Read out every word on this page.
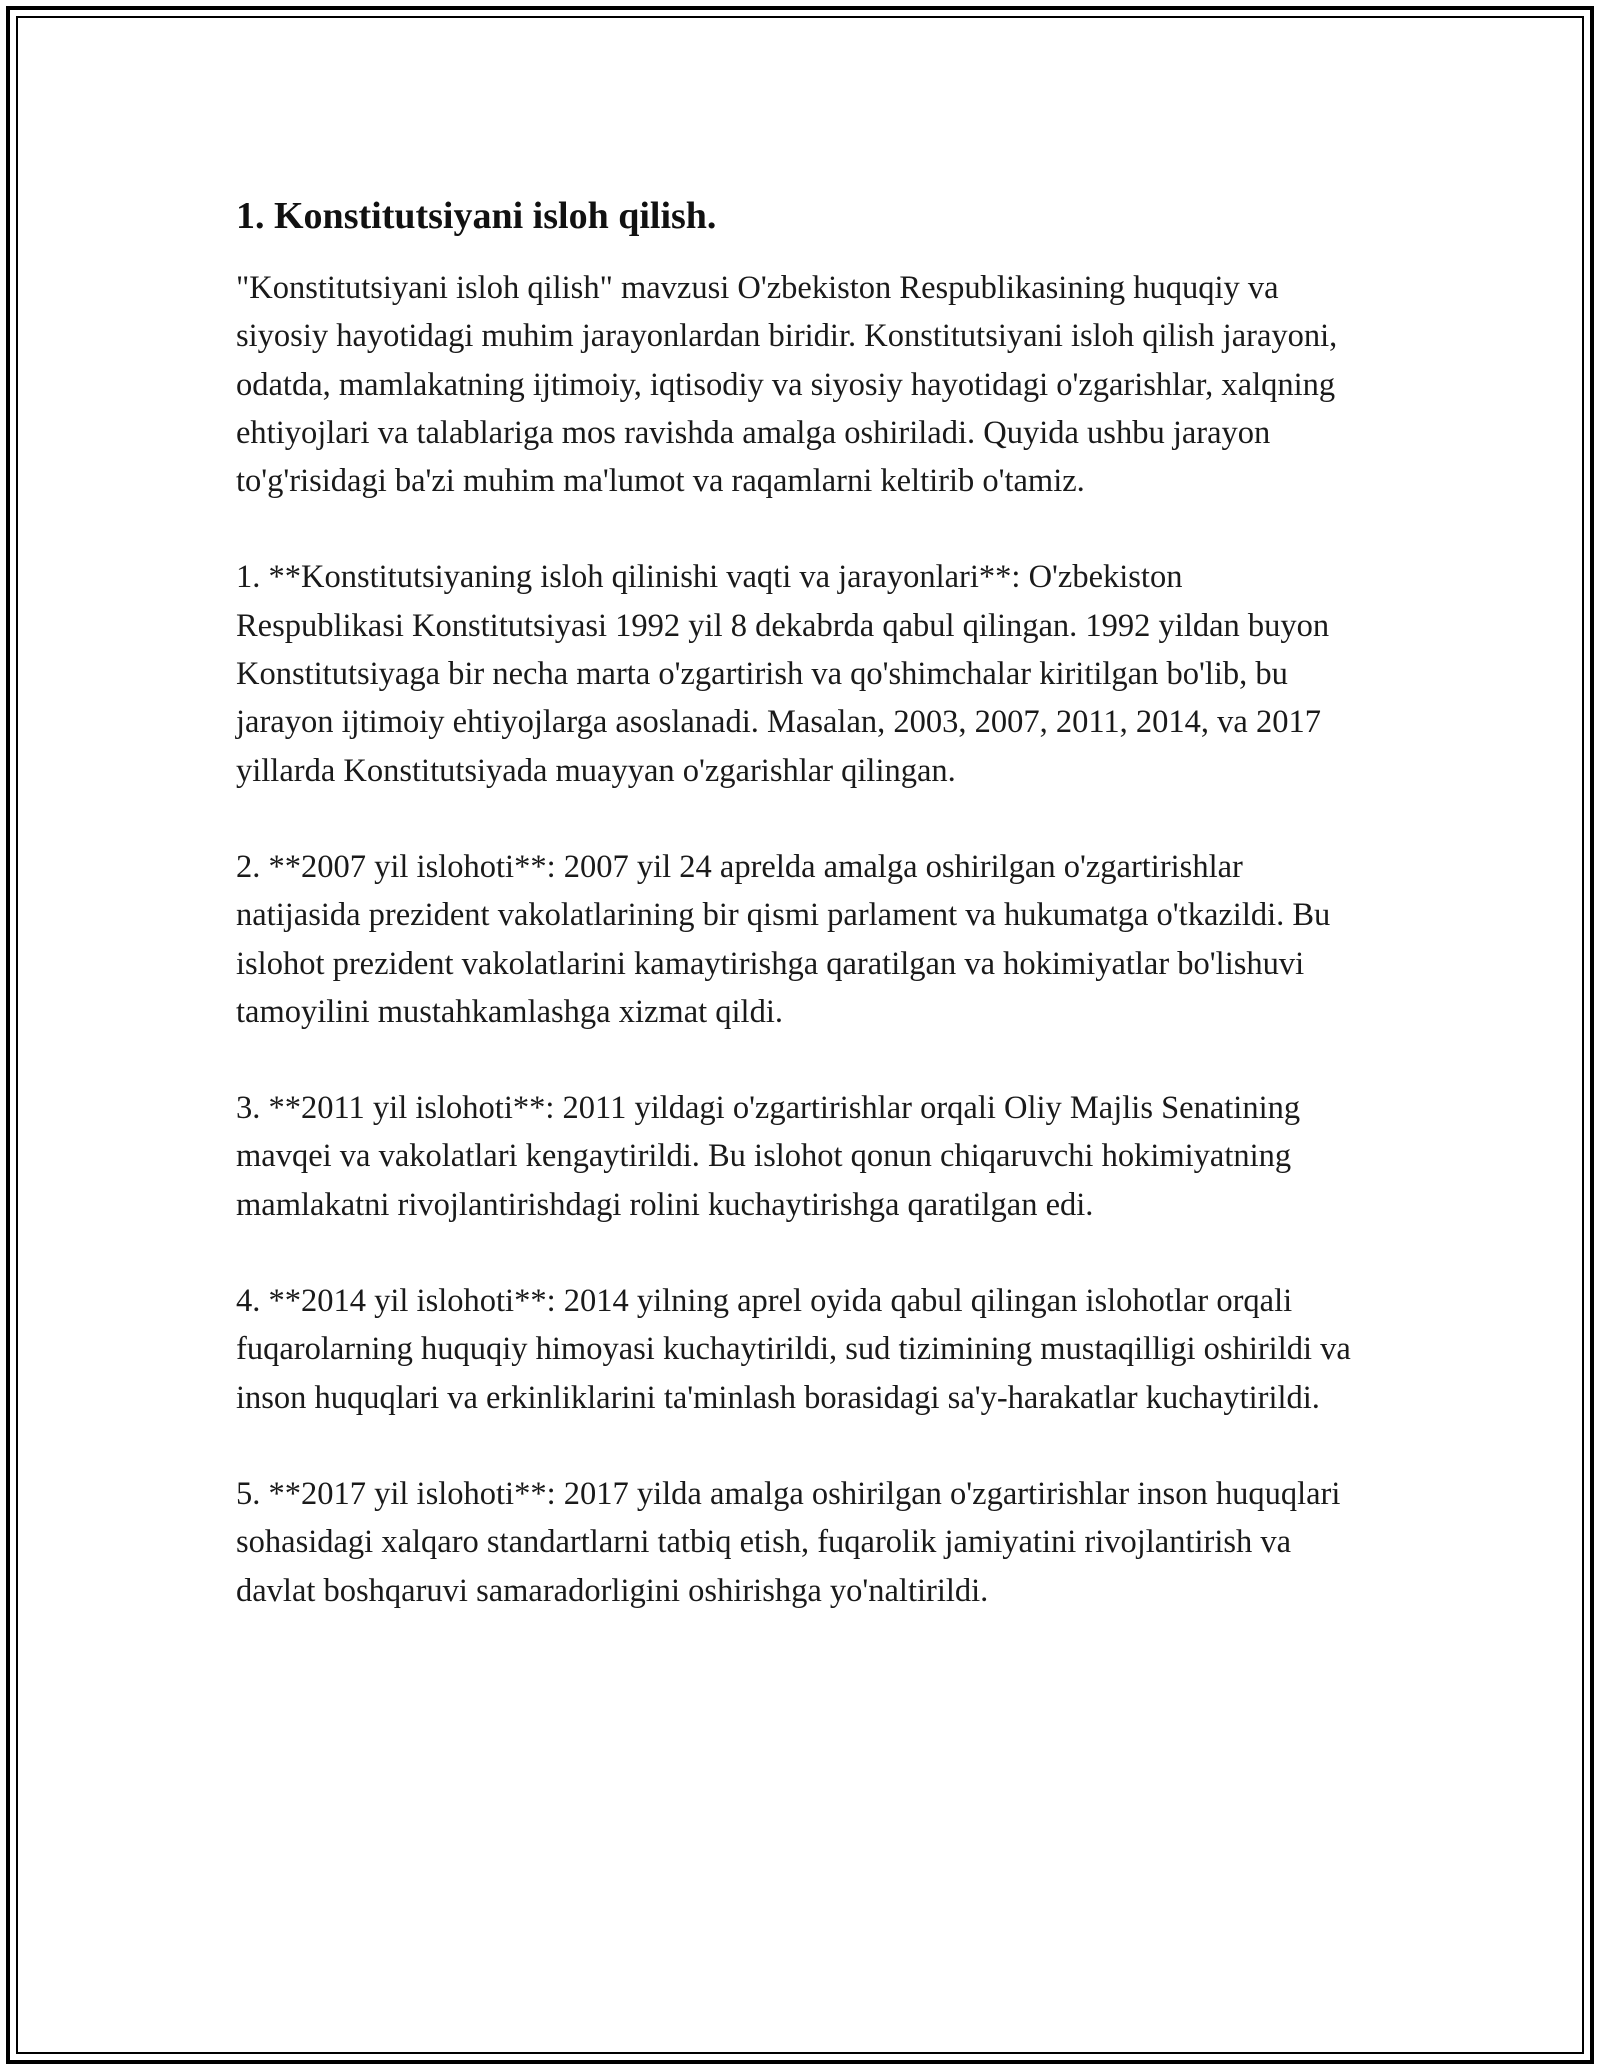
1. Konstitutsiyani isloh qilish.

"Konstitutsiyani isloh qilish" mavzusi O'zbekiston Respublikasining huquqiy va siyosiy hayotidagi muhim jarayonlardan biridir. Konstitutsiyani isloh qilish jarayoni, odatda, mamlakatning ijtimoiy, iqtisodiy va siyosiy hayotidagi o'zgarishlar, xalqning ehtiyojlari va talablariga mos ravishda amalga oshiriladi. Quyida ushbu jarayon to'g'risidagi ba'zi muhim ma'lumot va raqamlarni keltirib o'tamiz.

1. **Konstitutsiyaning isloh qilinishi vaqti va jarayonlari**: O'zbekiston Respublikasi Konstitutsiyasi 1992 yil 8 dekabrda qabul qilingan. 1992 yildan buyon Konstitutsiyaga bir necha marta o'zgartirish va qo'shimchalar kiritilgan bo'lib, bu jarayon ijtimoiy ehtiyojlarga asoslanadi. Masalan, 2003, 2007, 2011, 2014, va 2017 yillarda Konstitutsiyada muayyan o'zgarishlar qilingan.

2. **2007 yil islohoti**: 2007 yil 24 aprelda amalga oshirilgan o'zgartirishlar natijasida prezident vakolatlarining bir qismi parlament va hukumatga o'tkazildi. Bu islohot prezident vakolatlarini kamaytirishga qaratilgan va hokimiyatlar bo'lishuvi tamoyilini mustahkamlashga xizmat qildi.

3. **2011 yil islohoti**: 2011 yildagi o'zgartirishlar orqali Oliy Majlis Senatining mavqei va vakolatlari kengaytirildi. Bu islohot qonun chiqaruvchi hokimiyatning mamlakatni rivojlantirishdagi rolini kuchaytirishga qaratilgan edi.

4. **2014 yil islohoti**: 2014 yilning aprel oyida qabul qilingan islohotlar orqali fuqarolarning huquqiy himoyasi kuchaytirildi, sud tizimining mustaqilligi oshirildi va inson huquqlari va erkinliklarini ta'minlash borasidagi sa'y-harakatlar kuchaytirildi.

5. **2017 yil islohoti**: 2017 yilda amalga oshirilgan o'zgartirishlar inson huquqlari sohasidagi xalqaro standartlarni tatbiq etish, fuqarolik jamiyatini rivojlantirish va davlat boshqaruvi samaradorligini oshirishga yo'naltirildi.
